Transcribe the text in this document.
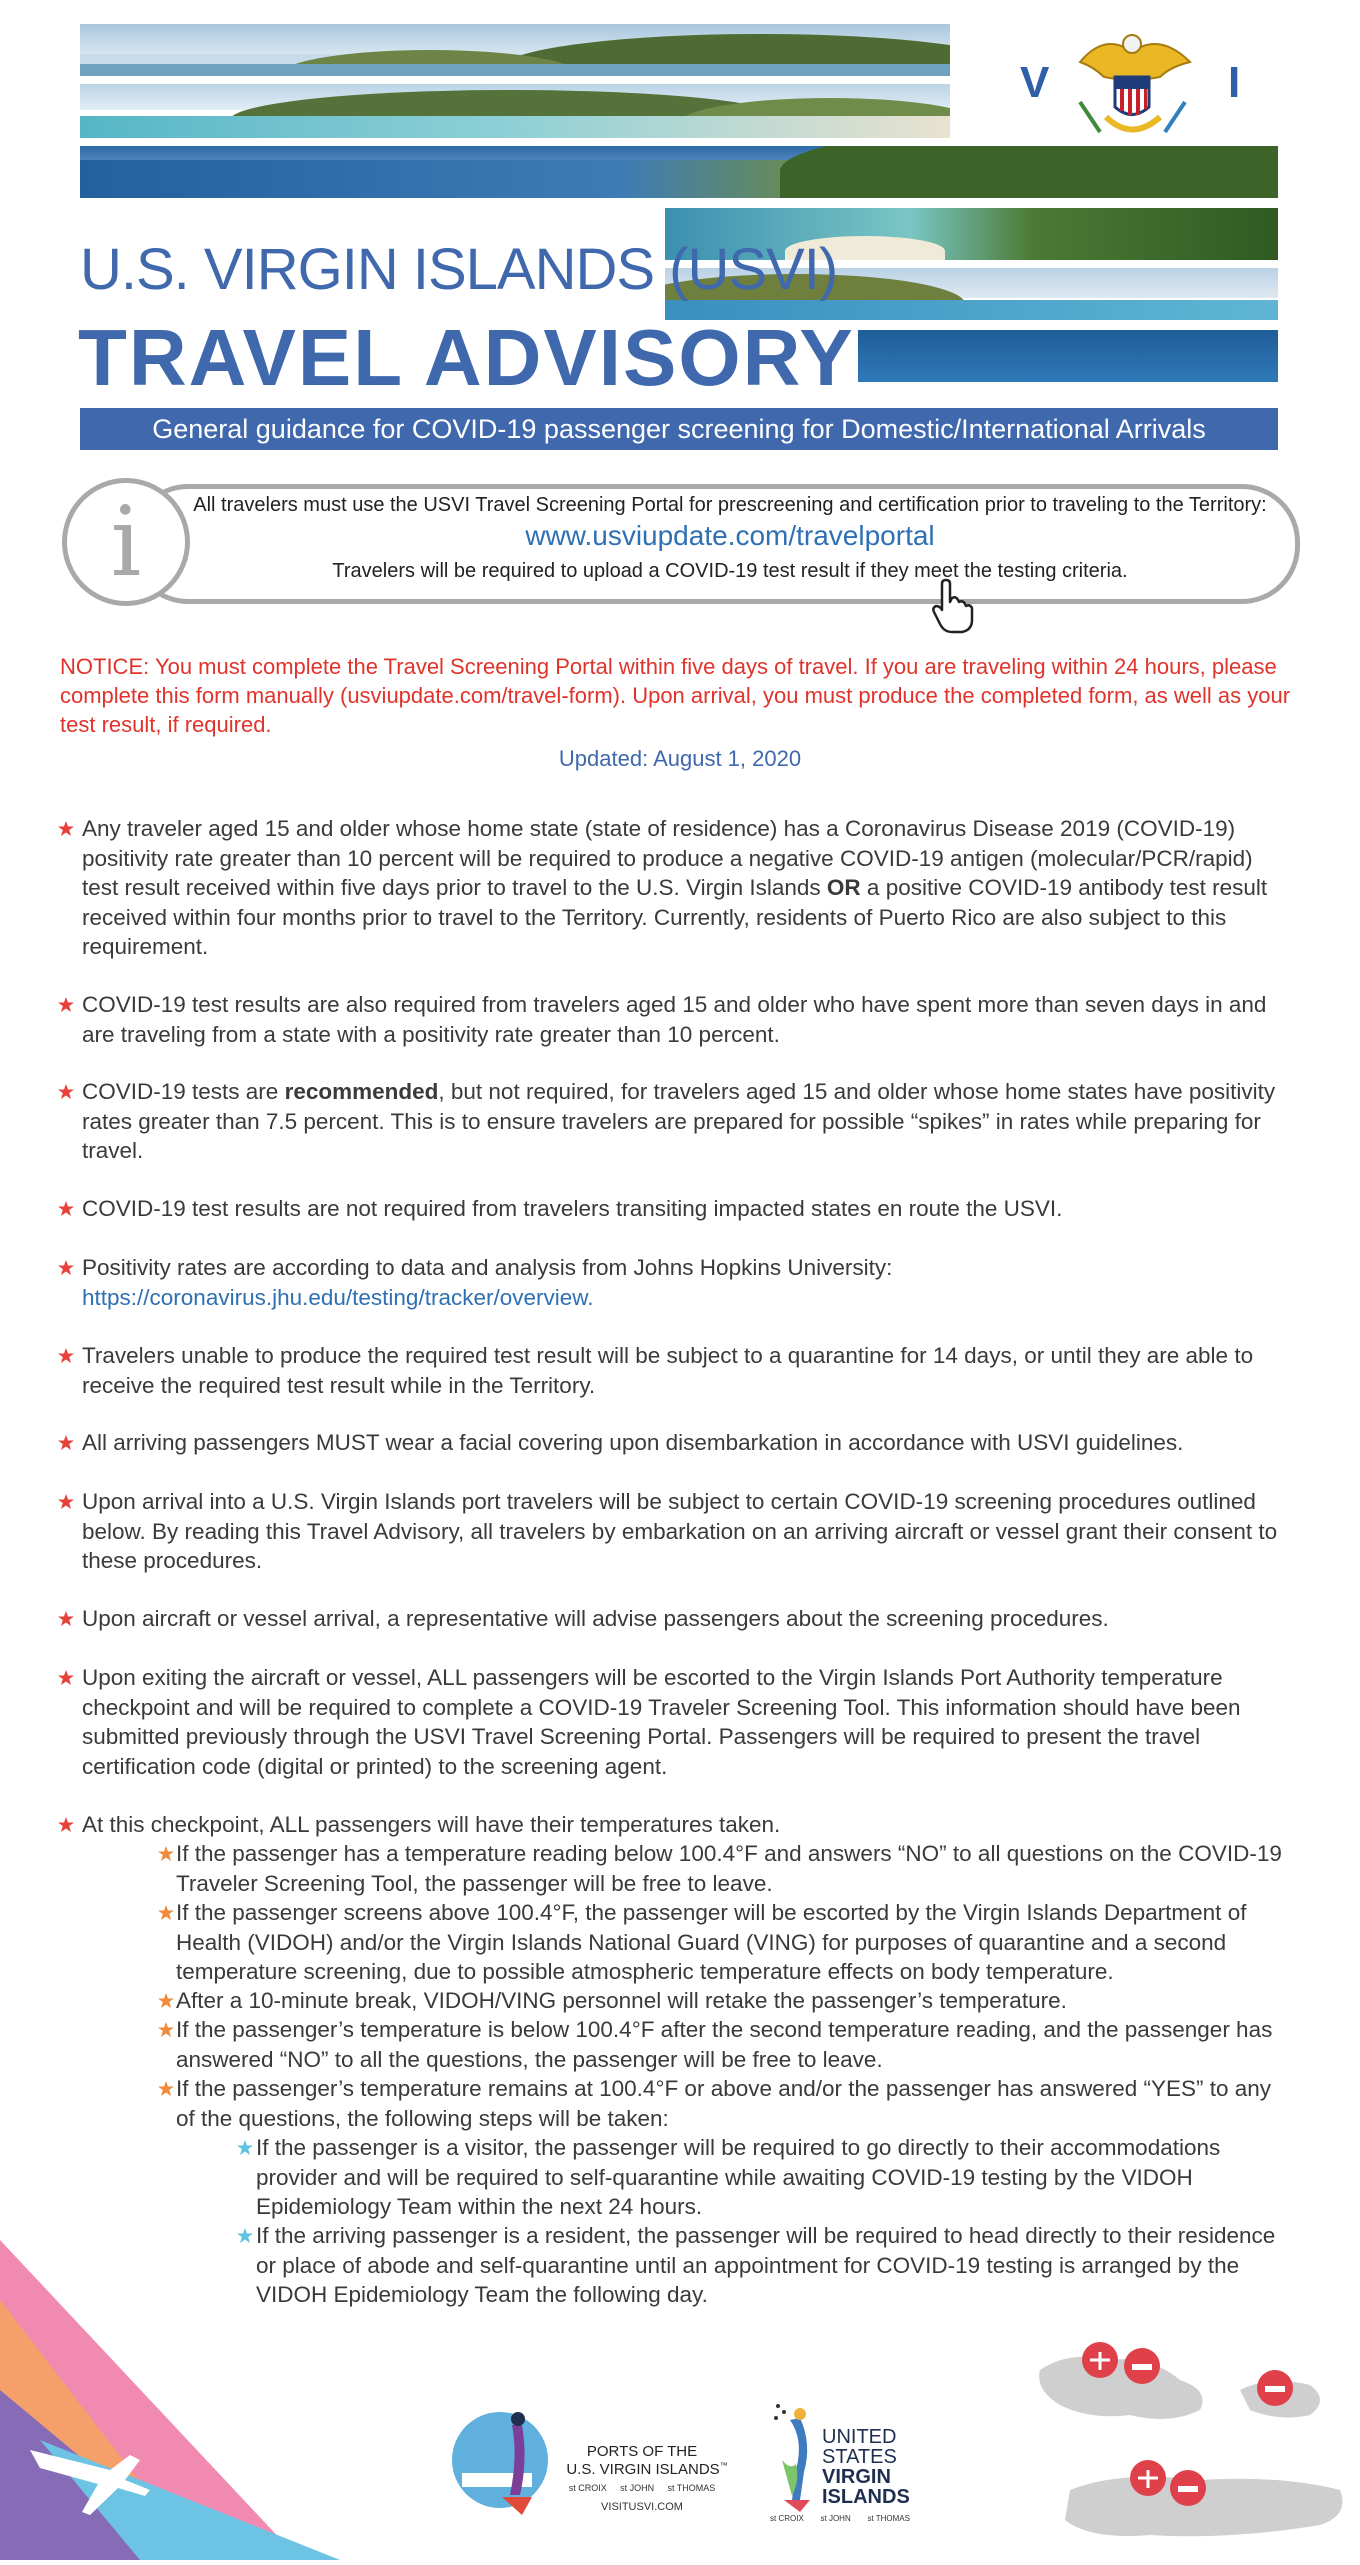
V	I
U.S. VIRGIN ISLANDS (USVI)
TRAVEL ADVISORY
General guidance for COVID-19 passenger screening for Domestic/International Arrivals
i	All travelers must use the USVI Travel Screening Portal for prescreening and certification prior to traveling to the Territory:
www.usviupdate.com/travelportal
Travelers will be required to upload a COVID-19 test result if they meet the testing criteria.
NOTICE: You must complete the Travel Screening Portal within five days of travel. If you are traveling within 24 hours, please complete this form manually (usviupdate.com/travel-form). Upon arrival, you must produce the completed form, as well as your test result, if required.
Updated: August 1, 2020
Any traveler aged 15 and older whose home state (state of residence) has a Coronavirus Disease 2019 (COVID-19) positivity rate greater than 10 percent will be required to produce a negative COVID-19 antigen (molecular/PCR/rapid) test result received within five days prior to travel to the U.S. Virgin Islands OR a positive COVID-19 antibody test result received within four months prior to travel to the Territory. Currently, residents of Puerto Rico are also subject to this requirement.
COVID-19 test results are also required from travelers aged 15 and older who have spent more than seven days in and are traveling from a state with a positivity rate greater than 10 percent.
COVID-19 tests are recommended, but not required, for travelers aged 15 and older whose home states have positivity rates greater than 7.5 percent. This is to ensure travelers are prepared for possible “spikes” in rates while preparing for travel.
COVID-19 test results are not required from travelers transiting impacted states en route the USVI.
Positivity rates are according to data and analysis from Johns Hopkins University:
https://coronavirus.jhu.edu/testing/tracker/overview.
Travelers unable to produce the required test result will be subject to a quarantine for 14 days, or until they are able to receive the required test result while in the Territory.
All arriving passengers MUST wear a facial covering upon disembarkation in accordance with USVI guidelines.
Upon arrival into a U.S. Virgin Islands port travelers will be subject to certain COVID-19 screening procedures outlined below. By reading this Travel Advisory, all travelers by embarkation on an arriving aircraft or vessel grant their consent to these procedures.
Upon aircraft or vessel arrival, a representative will advise passengers about the screening procedures.
Upon exiting the aircraft or vessel, ALL passengers will be escorted to the Virgin Islands Port Authority temperature checkpoint and will be required to complete a COVID-19 Traveler Screening Tool. This information should have been submitted previously through the USVI Travel Screening Portal. Passengers will be required to present the travel certification code (digital or printed) to the screening agent.
At this checkpoint, ALL passengers will have their temperatures taken.
If the passenger has a temperature reading below 100.4°F and answers “NO” to all questions on the COVID-19 Traveler Screening Tool, the passenger will be free to leave.
If the passenger screens above 100.4°F, the passenger will be escorted by the Virgin Islands Department of Health (VIDOH) and/or the Virgin Islands National Guard (VING) for purposes of quarantine and a second temperature screening, due to possible atmospheric temperature effects on body temperature.
After a 10-minute break, VIDOH/VING personnel will retake the passenger’s temperature.
If the passenger’s temperature is below 100.4°F after the second temperature reading, and the passenger has answered “NO” to all the questions, the passenger will be free to leave.
If the passenger’s temperature remains at 100.4°F or above and/or the passenger has answered “YES” to any of the questions, the following steps will be taken:
If the passenger is a visitor, the passenger will be required to go directly to their accommodations provider and will be required to self-quarantine while awaiting COVID-19 testing by the VIDOH Epidemiology Team within the next 24 hours.
If the arriving passenger is a resident, the passenger will be required to head directly to their residence or place of abode and self-quarantine until an appointment for COVID-19 testing is arranged by the VIDOH Epidemiology Team the following day.
PORTS OF THE
U.S. VIRGIN ISLANDS™
st CROIX st JOHN st THOMAS
VISITUSVI.COM
UNITED
STATES
VIRGIN
ISLANDS
st CROIX st JOHN st THOMAS
